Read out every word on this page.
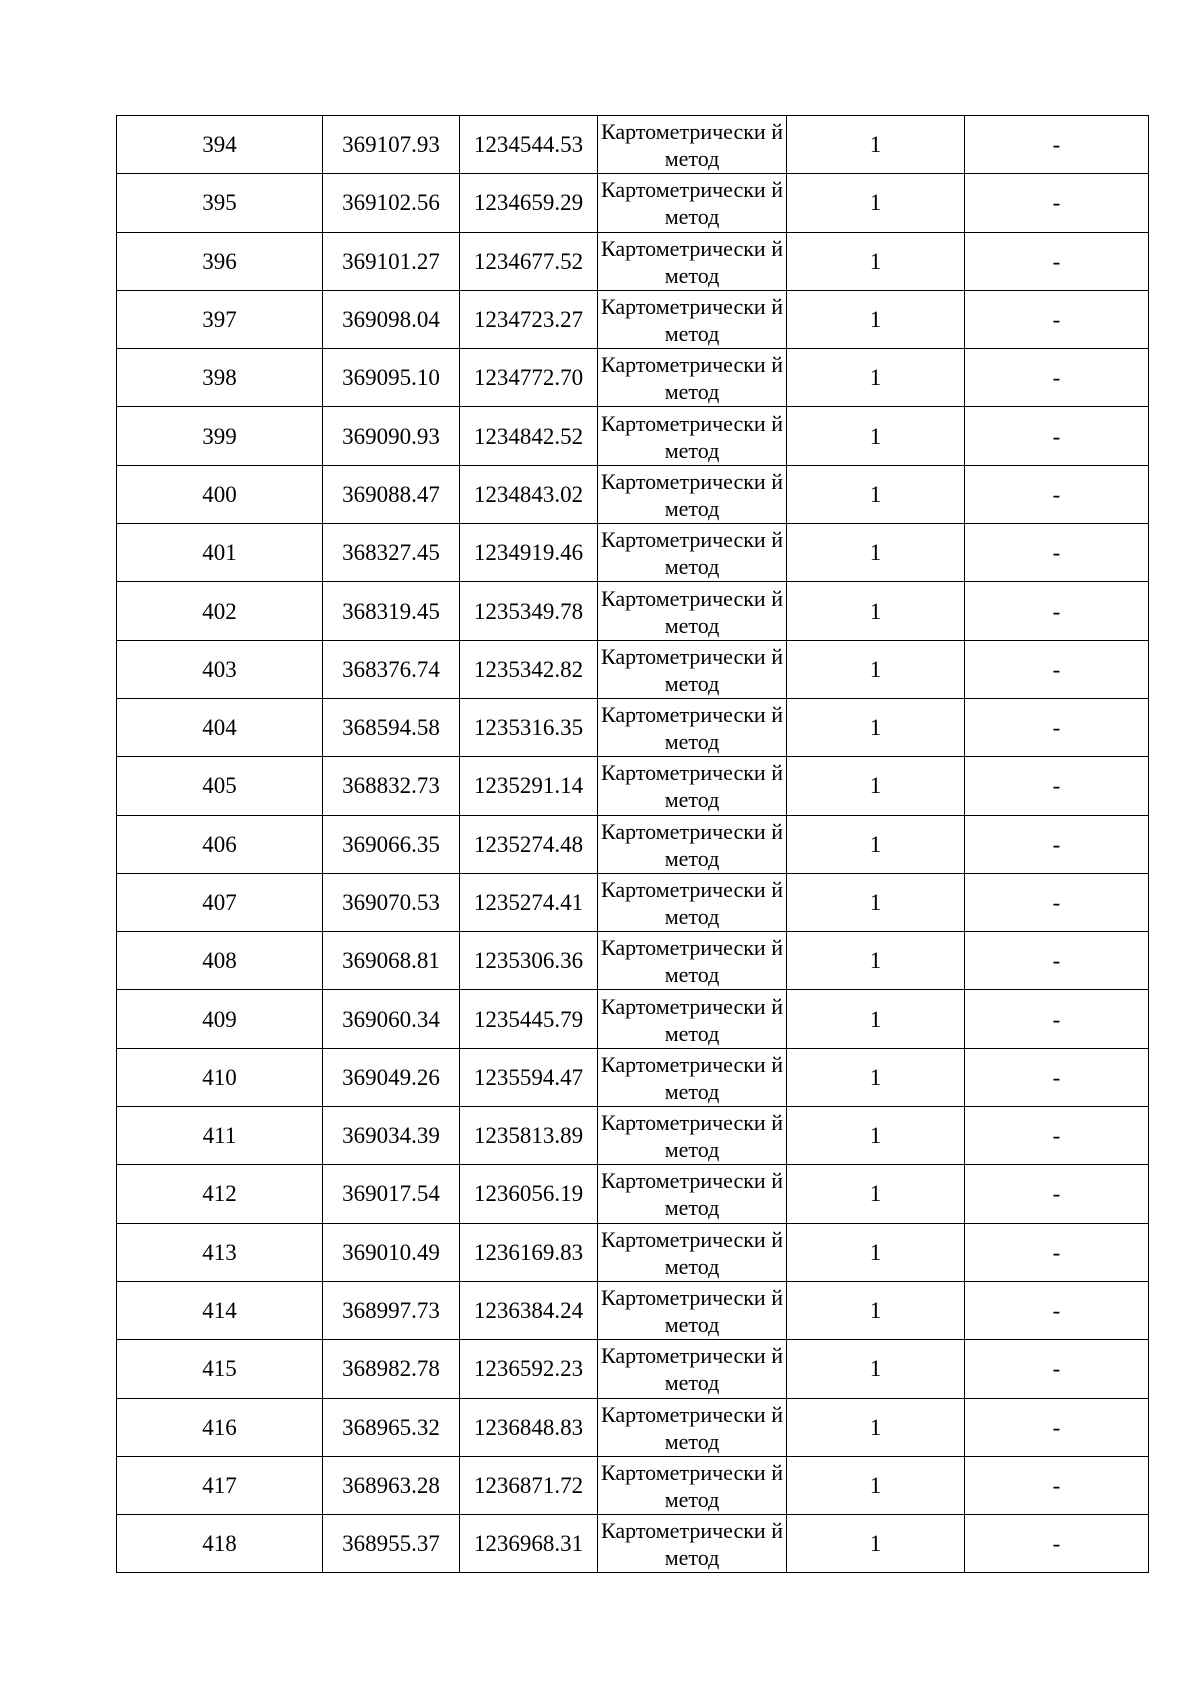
394	369107.93	1234544.53	Картометрически й метод	1	-
395	369102.56	1234659.29	Картометрически й метод	1	-
396	369101.27	1234677.52	Картометрически й метод	1	-
397	369098.04	1234723.27	Картометрически й метод	1	-
398	369095.10	1234772.70	Картометрически й метод	1	-
399	369090.93	1234842.52	Картометрически й метод	1	-
400	369088.47	1234843.02	Картометрически й метод	1	-
401	368327.45	1234919.46	Картометрически й метод	1	-
402	368319.45	1235349.78	Картометрически й метод	1	-
403	368376.74	1235342.82	Картометрически й метод	1	-
404	368594.58	1235316.35	Картометрически й метод	1	-
405	368832.73	1235291.14	Картометрически й метод	1	-
406	369066.35	1235274.48	Картометрически й метод	1	-
407	369070.53	1235274.41	Картометрически й метод	1	-
408	369068.81	1235306.36	Картометрически й метод	1	-
409	369060.34	1235445.79	Картометрически й метод	1	-
410	369049.26	1235594.47	Картометрически й метод	1	-
411	369034.39	1235813.89	Картометрически й метод	1	-
412	369017.54	1236056.19	Картометрически й метод	1	-
413	369010.49	1236169.83	Картометрически й метод	1	-
414	368997.73	1236384.24	Картометрически й метод	1	-
415	368982.78	1236592.23	Картометрически й метод	1	-
416	368965.32	1236848.83	Картометрически й метод	1	-
417	368963.28	1236871.72	Картометрически й метод	1	-
418	368955.37	1236968.31	Картометрически й метод	1	-
